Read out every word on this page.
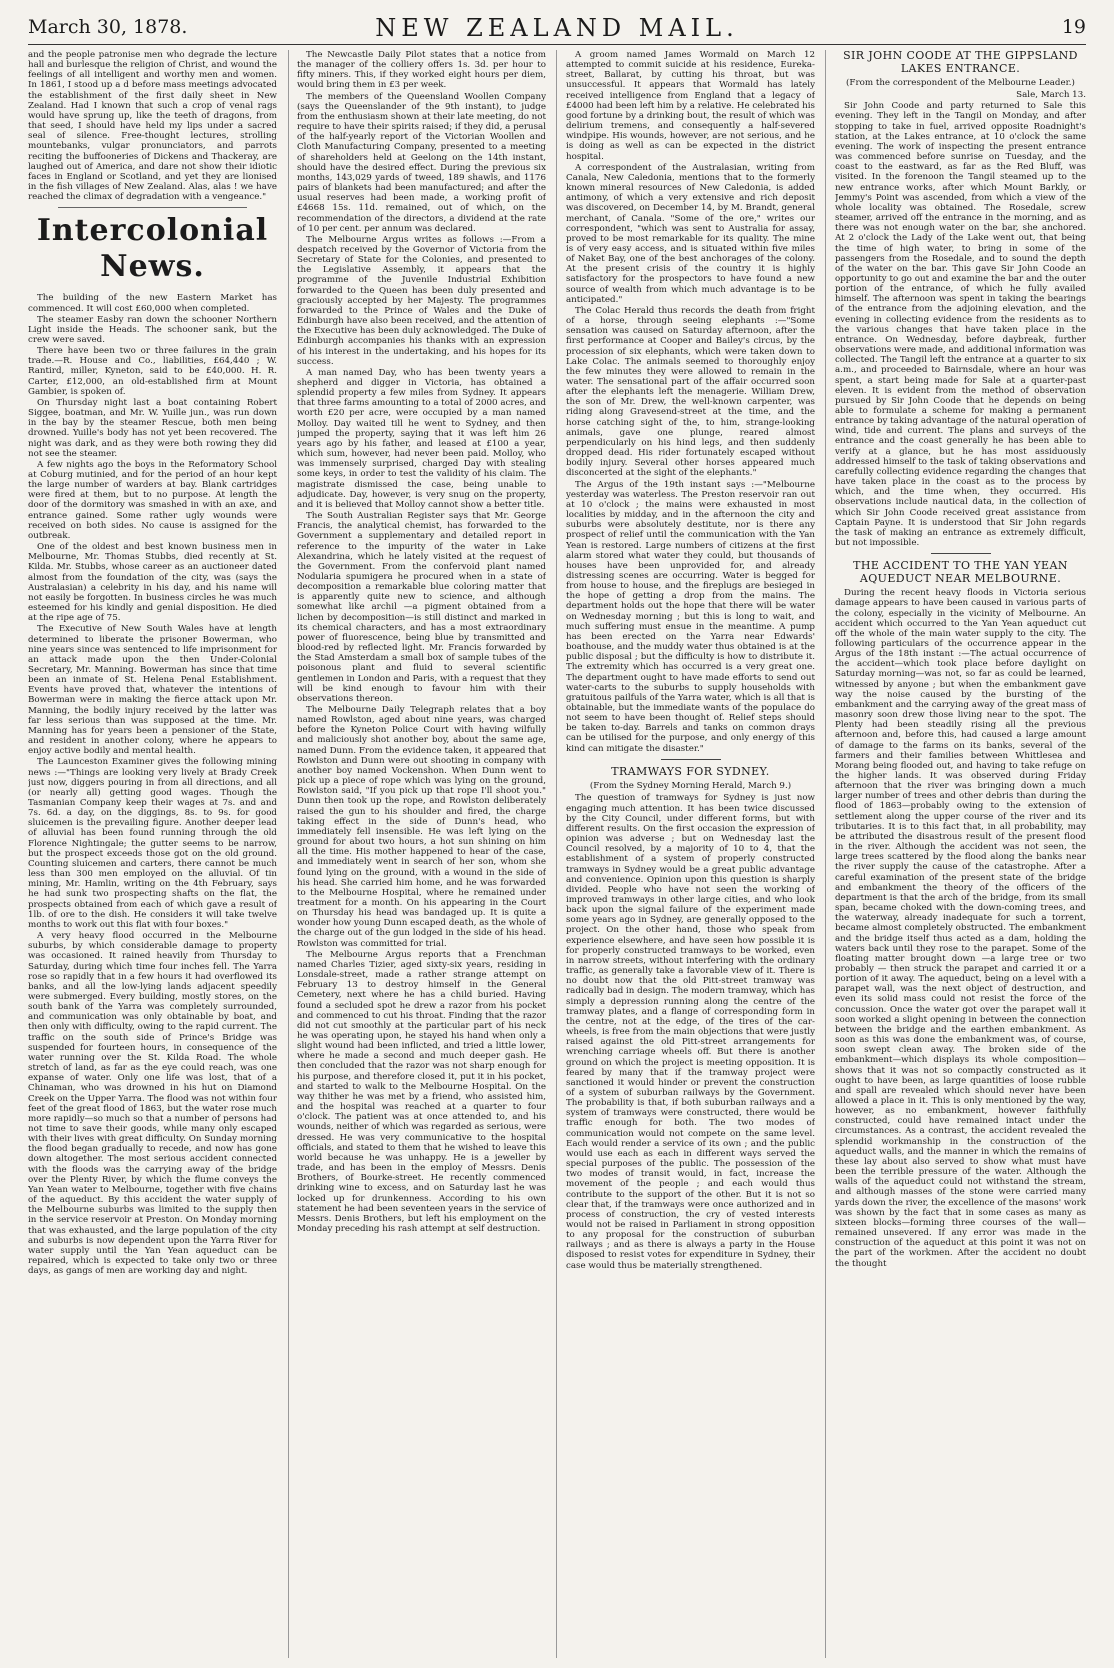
March 30, 1878.	NEW ZEALAND MAIL.	19

and the people patronise men who degrade the lecture hall and burlesque the religion of Christ, and wound the feelings of all intelligent and worthy men and women. In 1861, I stood up a d before mass meetings advocated the establishment of the first daily sheet in New Zealand. Had I known that such a crop of venal rags would have sprung up, like the teeth of dragons, from that seed, I should have held my lips under a sacred seal of silence. Free-thought lectures, strolling mountebanks, vulgar pronunciators, and parrots reciting the buffooneries of Dickens and Thackeray, are laughed out of America, and dare not show their idiotic faces in England or Scotland, and yet they are lionised in the fish villages of New Zealand. Alas, alas ! we have reached the climax of degradation with a vengeance."

Intercolonial News.

The building of the new Eastern Market has commenced. It will cost £60,000 when completed.

The steamer Easby ran down the schooner Northern Light inside the Heads. The schooner sank, but the crew were saved.

There have been two or three failures in the grain trade.—R. House and Co., liabilities, £64,440 ; W. Rantird, miller, Kyneton, said to be £40,000. H. R. Carter, £12,000, an old-established firm at Mount Gambier, is spoken of.

On Thursday night last a boat containing Robert Siggee, boatman, and Mr. W. Yuille jun., was run down in the bay by the steamer Rescue, both men being drowned. Yuille's body has not yet been recovered. The night was dark, and as they were both rowing they did not see the steamer.

A few nights ago the boys in the Reformatory School at Coburg mutinied, and for the period of an hour kept the large number of warders at bay. Blank cartridges were fired at them, but to no purpose. At length the door of the dormitory was smashed in with an axe, and entrance gained. Some rather ugly wounds were received on both sides. No cause is assigned for the outbreak.

One of the oldest and best known business men in Melbourne, Mr. Thomas Stubbs, died recently at St. Kilda. Mr. Stubbs, whose career as an auctioneer dated almost from the foundation of the city, was (says the Australasian) a celebrity in his day, and his name will not easily be forgotten. In business circles he was much esteemed for his kindly and genial disposition. He died at the ripe age of 75.

The Executive of New South Wales have at length determined to liberate the prisoner Bowerman, who nine years since was sentenced to life imprisonment for an attack made upon the then Under-Colonial Secretary, Mr. Manning. Bowerman has since that time been an inmate of St. Helena Penal Establishment. Events have proved that, whatever the intentions of Bowerman were in making the fierce attack upon Mr. Manning, the bodily injury received by the latter was far less serious than was supposed at the time. Mr. Manning has for years been a pensioner of the State, and resident in another colony, where he appears to enjoy active bodily and mental health.

The Launceston Examiner gives the following mining news :—"Things are looking very lively at Brady Creek just now, diggers pouring in from all directions, and all (or nearly all) getting good wages. Though the Tasmanian Company keep their wages at 7s. and and 7s. 6d. a day, on the diggings, 8s. to 9s. for good sluicemen is the prevailing figure. Another deeper lead of alluvial has been found running through the old Florence Nightingale; the gutter seems to be narrow, but the prospect exceeds those got on the old ground. Counting sluicemen and carters, there cannot be much less than 300 men employed on the alluvial. Of tin mining, Mr. Hamlin, writing on the 4th February, says he had sunk two prospecting shafts on the flat, the prospects obtained from each of which gave a result of 1lb. of ore to the dish. He considers it will take twelve months to work out this flat with four boxes."

A very heavy flood occurred in the Melbourne suburbs, by which considerable damage to property was occasioned. It rained heavily from Thursday to Saturday, during which time four inches fell. The Yarra rose so rapidly that in a few hours it had overflowed its banks, and all the low-lying lands adjacent speedily were submerged. Every building, mostly stores, on the south bank of the Yarra was completely surrounded, and communication was only obtainable by boat, and then only with difficulty, owing to the rapid current. The traffic on the south side of Prince's Bridge was suspended for fourteen hours, in consequence of the water running over the St. Kilda Road. The whole stretch of land, as far as the eye could reach, was one expanse of water. Only one life was lost, that of a Chinaman, who was drowned in his hut on Diamond Creek on the Upper Yarra. The flood was not within four feet of the great flood of 1863, but the water rose much more rapidly—so much so that a number of persons had not time to save their goods, while many only escaped with their lives with great difficulty. On Sunday morning the flood began gradually to recede, and now has gone down altogether. The most serious accident connected with the floods was the carrying away of the bridge over the Plenty River, by which the flume conveys the Yan Yean water to Melbourne, together with five chains of the aqueduct. By this accident the water supply of the Melbourne suburbs was limited to the supply then in the service reservoir at Preston. On Monday morning that was exhausted, and the large population of the city and suburbs is now dependent upon the Yarra River for water supply until the Yan Yean aqueduct can be repaired, which is expected to take only two or three days, as gangs of men are working day and night.

The Newcastle Daily Pilot states that a notice from the manager of the colliery offers 1s. 3d. per hour to fifty miners. This, if they worked eight hours per diem, would bring them in £3 per week.

The members of the Queensland Woollen Company (says the Queenslander of the 9th instant), to judge from the enthusiasm shown at their late meeting, do not require to have their spirits raised; if they did, a perusal of the half-yearly report of the Victorian Woollen and Cloth Manufacturing Company, presented to a meeting of shareholders held at Geelong on the 14th instant, should have the desired effect. During the previous six months, 143,029 yards of tweed, 189 shawls, and 1176 pairs of blankets had been manufactured; and after the usual reserves had been made, a working profit of £4668 15s. 11d. remained, out of which, on the recommendation of the directors, a dividend at the rate of 10 per cent. per annum was declared.

The Melbourne Argus writes as follows :—From a despatch received by the Governor of Victoria from the Secretary of State for the Colonies, and presented to the Legislative Assembly, it appears that the programme of the Juvenile Industrial Exhibition forwarded to the Queen has been duly presented and graciously accepted by her Majesty. The programmes forwarded to the Prince of Wales and the Duke of Edinburgh have also been received, and the attention of the Executive has been duly acknowledged. The Duke of Edinburgh accompanies his thanks with an expression of his interest in the undertaking, and his hopes for its success.

A man named Day, who has been twenty years a shepherd and digger in Victoria, has obtained a splendid property a few miles from Sydney. It appears that three farms amounting to a total of 2000 acres, and worth £20 per acre, were occupied by a man named Molloy. Day waited till he went to Sydney, and then jumped the property, saying that it was left him 26 years ago by his father, and leased at £100 a year, which sum, however, had never been paid. Molloy, who was immensely surprised, charged Day with stealing some keys, in order to test the validity of his claim. The magistrate dismissed the case, being unable to adjudicate. Day, however, is very snug on the property, and it is believed that Molloy cannot show a better title.

The South Australian Register says that Mr. George Francis, the analytical chemist, has forwarded to the Government a supplementary and detailed report in reference to the impurity of the water in Lake Alexandrina, which he lately visited at the request of the Government. From the confervoid plant named Nodularia spumigera he procured when in a state of decomposition a remarkable blue coloring matter that is apparently quite new to science, and although somewhat like archil —a pigment obtained from a lichen by decomposition—is still distinct and marked in its chemical characters, and has a most extraordinary power of fluorescence, being blue by transmitted and blood-red by reflected light. Mr. Francis forwarded by the Stad Amsterdam a small box of sample tubes of the poisonous plant and fluid to several scientific gentlemen in London and Paris, with a request that they will be kind enough to favour him with their observations thereon.

The Melbourne Daily Telegraph relates that a boy named Rowlston, aged about nine years, was charged before the Kyneton Police Court with having wilfully and maliciously shot another boy, about the same age, named Dunn. From the evidence taken, it appeared that Rowlston and Dunn were out shooting in company with another boy named Vockenshon. When Dunn went to pick up a piece of rope which was lying on the ground, Rowlston said, "If you pick up that rope I'll shoot you." Dunn then took up the rope, and Rowlston deliberately raised the gun to his shoulder and fired, the charge taking effect in the side of Dunn's head, who immediately fell insensible. He was left lying on the ground for about two hours, a hot sun shining on him all the time. His mother happened to hear of the case, and immediately went in search of her son, whom she found lying on the ground, with a wound in the side of his head. She carried him home, and he was forwarded to the Melbourne Hospital, where he remained under treatment for a month. On his appearing in the Court on Thursday his head was bandaged up. It is quite a wonder how young Dunn escaped death, as the whole of the charge out of the gun lodged in the side of his head. Rowlston was committed for trial.

The Melbourne Argus reports that a Frenchman named Charles Tizier, aged sixty-six years, residing in Lonsdale-street, made a rather strange attempt on February 13 to destroy himself in the General Cemetery, next where he has a child buried. Having found a secluded spot he drew a razor from his pocket and commenced to cut his throat. Finding that the razor did not cut smoothly at the particular part of his neck he was operating upon, he stayed his hand when only a slight wound had been inflicted, and tried a little lower, where he made a second and much deeper gash. He then concluded that the razor was not sharp enough for his purpose, and therefore closed it, put it in his pocket, and started to walk to the Melbourne Hospital. On the way thither he was met by a friend, who assisted him, and the hospital was reached at a quarter to four o'clock. The patient was at once attended to, and his wounds, neither of which was regarded as serious, were dressed. He was very communicative to the hospital officials, and stated to them that he wished to leave this world because he was unhappy. He is a jeweller by trade, and has been in the employ of Messrs. Denis Brothers, of Bourke-street. He recently commenced drinking wine to excess, and on Saturday last he was locked up for drunkenness. According to his own statement he had been seventeen years in the service of Messrs. Denis Brothers, but left his employment on the Monday preceding his rash attempt at self destruction.

A groom named James Wormald on March 12 attempted to commit suicide at his residence, Eureka-street, Ballarat, by cutting his throat, but was unsuccessful. It appears that Wormald has lately received intelligence from England that a legacy of £4000 had been left him by a relative. He celebrated his good fortune by a drinking bout, the result of which was delirium tremens, and consequently a half-severed windpipe. His wounds, however, are not serious, and he is doing as well as can be expected in the district hospital.

A correspondent of the Australasian, writing from Canala, New Caledonia, mentions that to the formerly known mineral resources of New Caledonia, is added antimony, of which a very extensive and rich deposit was discovered, on December 14, by M. Brandt, general merchant, of Canala. "Some of the ore," writes our correspondent, "which was sent to Australia for assay, proved to be most remarkable for its quality. The mine is of very easy access, and is situated within five miles of Naket Bay, one of the best anchorages of the colony. At the present crisis of the country it is highly satisfactory for the prospectors to have found a new source of wealth from which much advantage is to be anticipated."

The Colac Herald thus records the death from fright of a horse, through seeing elephants :—"Some sensation was caused on Saturday afternoon, after the first performance at Cooper and Bailey's circus, by the procession of six elephants, which were taken down to Lake Colac. The animals seemed to thoroughly enjoy the few minutes they were allowed to remain in the water. The sensational part of the affair occurred soon after the elephants left the menagerie. William Drew, the son of Mr. Drew, the well-known carpenter, was riding along Gravesend-street at the time, and the horse catching sight of the, to him, strange-looking animals, gave one plunge, reared almost perpendicularly on his hind legs, and then suddenly dropped dead. His rider fortunately escaped without bodily injury. Several other horses appeared much disconcerted at the sight of the elephants."

The Argus of the 19th instant says :—"Melbourne yesterday was waterless. The Preston reservoir ran out at 10 o'clock ; the mains were exhausted in most localities by midday, and in the afternoon the city and suburbs were absolutely destitute, nor is there any prospect of relief until the communication with the Yan Yean is restored. Large numbers of citizens at the first alarm stored what water they could, but thousands of houses have been unprovided for, and already distressing scenes are occurring. Water is begged for from house to house, and the fireplugs are besieged in the hope of getting a drop from the mains. The department holds out the hope that there will be water on Wednesday morning ; but this is long to wait, and much suffering must ensue in the meantime. A pump has been erected on the Yarra near Edwards' boathouse, and the muddy water thus obtained is at the public disposal ; but the difficulty is how to distribute it. The extremity which has occurred is a very great one. The department ought to have made efforts to send out water-carts to the suburbs to supply households with gratuitous pailfuls of the Yarra water, which is all that is obtainable, but the immediate wants of the populace do not seem to have been thought of. Relief steps should be taken to-day. Barrels and tanks on common drays can be utilised for the purpose, and only energy of this kind can mitigate the disaster."

TRAMWAYS FOR SYDNEY.
(From the Sydney Morning Herald, March 9.)

The question of tramways for Sydney is just now engaging much attention. It has been twice discussed by the City Council, under different forms, but with different results. On the first occasion the expression of opinion was adverse ; but on Wednesday last the Council resolved, by a majority of 10 to 4, that the establishment of a system of properly constructed tramways in Sydney would be a great public advantage and convenience. Opinion upon this question is sharply divided. People who have not seen the working of improved tramways in other large cities, and who look back upon the signal failure of the experiment made some years ago in Sydney, are generally opposed to the project. On the other hand, those who speak from experience elsewhere, and have seen how possible it is for properly constructed tramways to be worked, even in narrow streets, without interfering with the ordinary traffic, as generally take a favorable view of it. There is no doubt now that the old Pitt-street tramway was radically bad in design. The modern tramway, which has simply a depression running along the centre of the tramway plates, and a flange of corresponding form in the centre, not at the edge, of the tires of the car-wheels, is free from the main objections that were justly raised against the old Pitt-street arrangements for wrenching carriage wheels off. But there is another ground on which the project is meeting opposition. It is feared by many that if the tramway project were sanctioned it would hinder or prevent the construction of a system of suburban railways by the Government. The probability is that, if both suburban railways and a system of tramways were constructed, there would be traffic enough for both. The two modes of communication would not compete on the same level. Each would render a service of its own ; and the public would use each as each in different ways served the special purposes of the public. The possession of the two modes of transit would, in fact, increase the movement of the people ; and each would thus contribute to the support of the other. But it is not so clear that, if the tramways were once authorized and in process of construction, the cry of vested interests would not be raised in Parliament in strong opposition to any proposal for the construction of suburban railways ; and as there is always a party in the House disposed to resist votes for expenditure in Sydney, their case would thus be materially strengthened.

SIR JOHN COODE AT THE GIPPSLAND LAKES ENTRANCE.
(From the correspondent of the Melbourne Leader.)
Sale, March 13.

Sir John Coode and party returned to Sale this evening. They left in the Tangil on Monday, and after stopping to take in fuel, arrived opposite Roadnight's station, at the Lakes entrance, at 10 o'clock the same evening. The work of inspecting the present entrance was commenced before sunrise on Tuesday, and the coast to the eastward, as far as the Red Bluff, was visited. In the forenoon the Tangil steamed up to the new entrance works, after which Mount Barkly, or Jemmy's Point was ascended, from which a view of the whole locality was obtained. The Rosedale, screw steamer, arrived off the entrance in the morning, and as there was not enough water on the bar, she anchored. At 2 o'clock the Lady of the Lake went out, that being the time of high water, to bring in some of the passengers from the Rosedale, and to sound the depth of the water on the bar. This gave Sir John Coode an opportunity to go out and examine the bar and the outer portion of the entrance, of which he fully availed himself. The afternoon was spent in taking the bearings of the entrance from the adjoining elevation, and the evening in collecting evidence from the residents as to the various changes that have taken place in the entrance. On Wednesday, before daybreak, further observations were made, and additional information was collected. The Tangil left the entrance at a quarter to six a.m., and proceeded to Bairnsdale, where an hour was spent, a start being made for Sale at a quarter-past eleven. It is evident from the method of observation pursued by Sir John Coode that he depends on being able to formulate a scheme for making a permanent entrance by taking advantage of the natural operation of wind, tide and current. The plans and surveys of the entrance and the coast generally he has been able to verify at a glance, but he has most assiduously addressed himself to the task of taking observations and carefully collecting evidence regarding the changes that have taken place in the coast as to the process by which, and the time when, they occurred. His observations include nautical data, in the collection of which Sir John Coode received great assistance from Captain Payne. It is understood that Sir John regards the task of making an entrance as extremely difficult, but not impossible.

THE ACCIDENT TO THE YAN YEAN AQUEDUCT NEAR MELBOURNE.

During the recent heavy floods in Victoria serious damage appears to have been caused in various parts of the colony, especially in the vicinity of Melbourne. An accident which occurred to the Yan Yean aqueduct cut off the whole of the main water supply to the city. The following particulars of the occurrence appear in the Argus of the 18th instant :—The actual occurrence of the accident—which took place before daylight on Saturday morning—was not, so far as could be learned, witnessed by anyone ; but when the embankment gave way the noise caused by the bursting of the embankment and the carrying away of the great mass of masonry soon drew those living near to the spot. The Plenty had been steadily rising all the previous afternoon and, before this, had caused a large amount of damage to the farms on its banks, several of the farmers and their families between Whittlesea and Morang being flooded out, and having to take refuge on the higher lands. It was observed during Friday afternoon that the river was bringing down a much larger number of trees and other debris than during the flood of 1863—probably owing to the extension of settlement along the upper course of the river and its tributaries. It is to this fact that, in all probability, may be attributed the disastrous result of the present flood in the river. Although the accident was not seen, the large trees scattered by the flood along the banks near the river supply the cause of the catastrophe. After a careful examination of the present state of the bridge and embankment the theory of the officers of the department is that the arch of the bridge, from its small span, became choked with the down-coming trees, and the waterway, already inadequate for such a torrent, became almost completely obstructed. The embankment and the bridge itself thus acted as a dam, holding the waters back until they rose to the parapet. Some of the floating matter brought down —a large tree or two probably — then struck the parapet and carried it or a portion of it away. The aqueduct, being on a level with a parapet wall, was the next object of destruction, and even its solid mass could not resist the force of the concussion. Once the water got over the parapet wall it soon worked a slight opening in between the connection between the bridge and the earthen embankment. As soon as this was done the embankment was, of course, soon swept clean away. The broken side of the embankment—which displays its whole composition—shows that it was not so compactly constructed as it ought to have been, as large quantities of loose rubble and spall are revealed which should never have been allowed a place in it. This is only mentioned by the way, however, as no embankment, however faithfully constructed, could have remained intact under the circumstances. As a contrast, the accident revealed the splendid workmanship in the construction of the aqueduct walls, and the manner in which the remains of these lay about also served to show what must have been the terrible pressure of the water. Although the walls of the aqueduct could not withstand the stream, and although masses of the stone were carried many yards down the river, the excellence of the masons' work was shown by the fact that in some cases as many as sixteen blocks—forming three courses of the wall—remained unsevered. If any error was made in the construction of the aqueduct at this point it was not on the part of the workmen. After the accident no doubt the thought
